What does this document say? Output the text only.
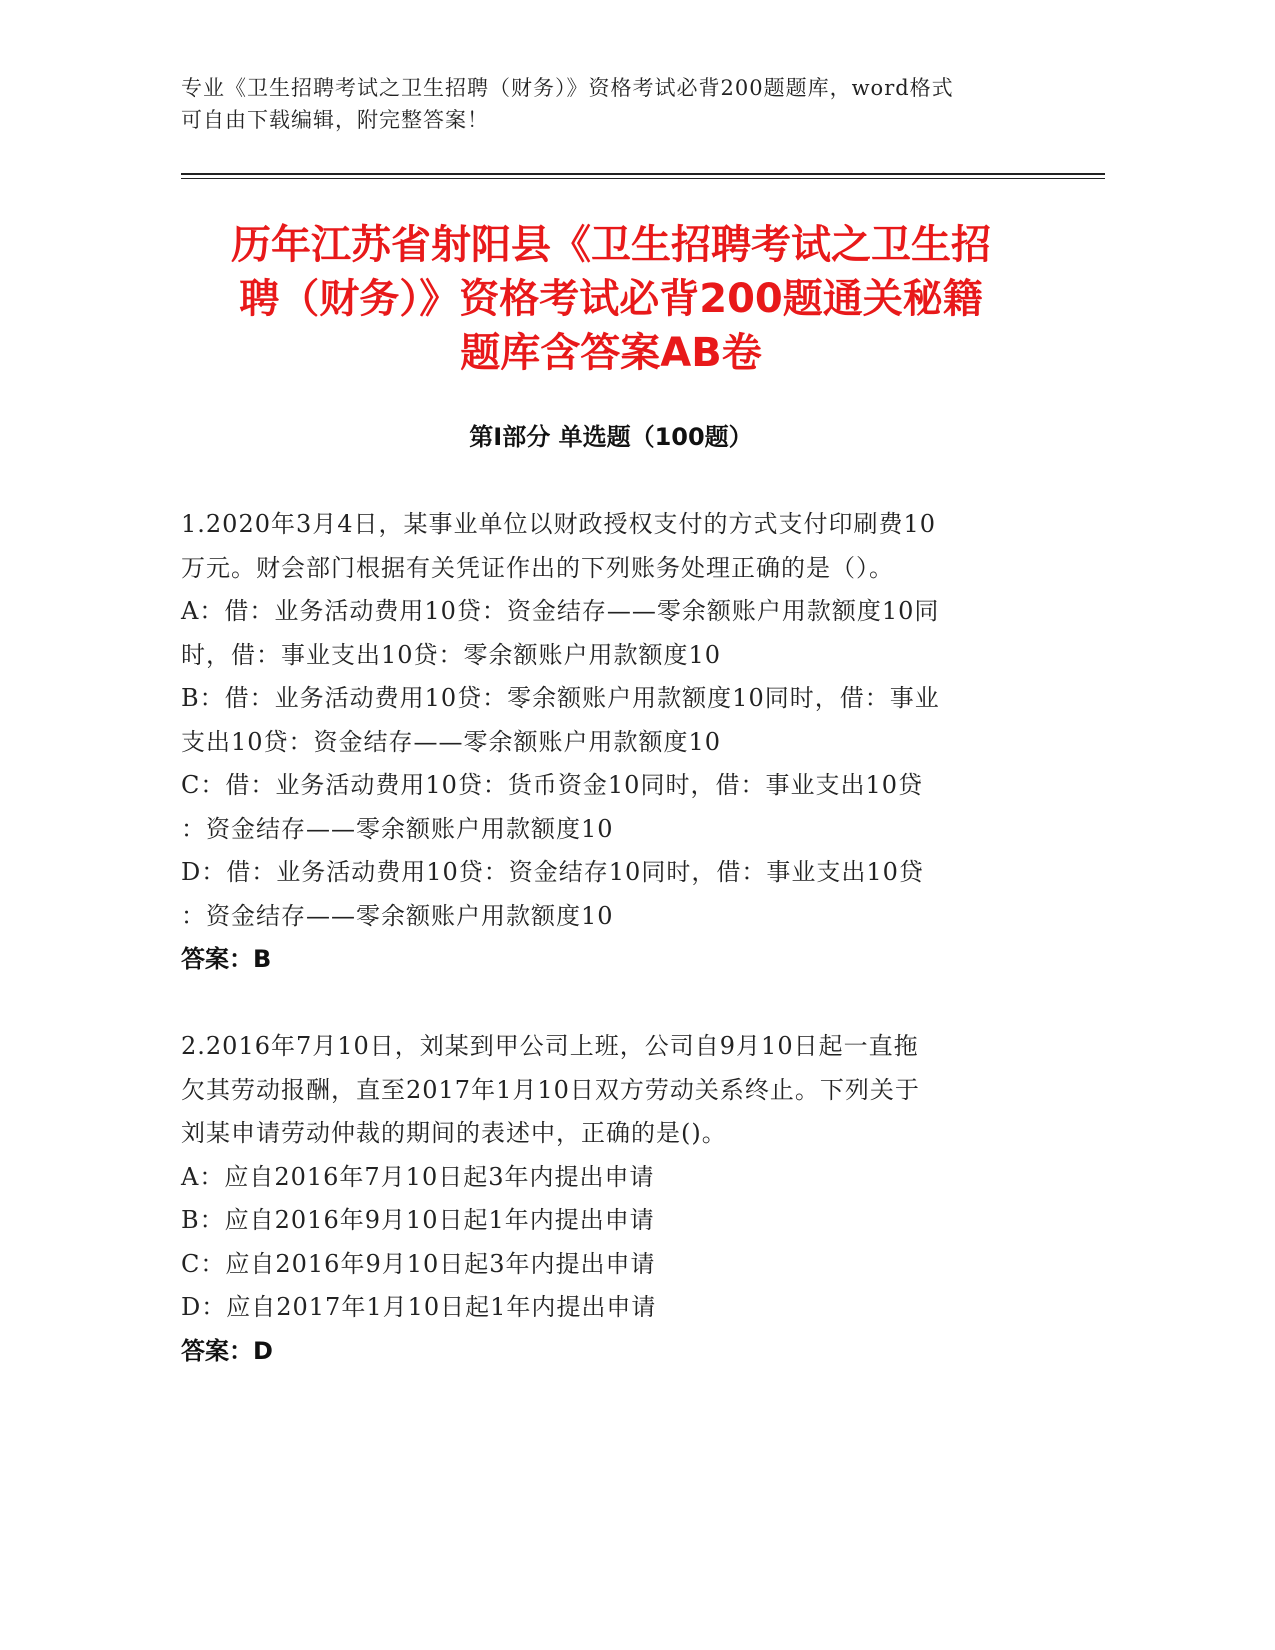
专业《卫生招聘考试之卫生招聘（财务）》资格考试必背200题题库，word格式
可自由下载编辑，附完整答案！
历年江苏省射阳县《卫生招聘考试之卫生招
聘（财务）》资格考试必背200题通关秘籍
题库含答案AB卷
第Ⅰ部分 单选题（100题）
1.2020年3月4日，某事业单位以财政授权支付的方式支付印刷费10
万元。财会部门根据有关凭证作出的下列账务处理正确的是（）。
A：借：业务活动费用10贷：资金结存——零余额账户用款额度10同
时，借：事业支出10贷：零余额账户用款额度10
B：借：业务活动费用10贷：零余额账户用款额度10同时，借：事业
支出10贷：资金结存——零余额账户用款额度10
C：借：业务活动费用10贷：货币资金10同时，借：事业支出10贷
：资金结存——零余额账户用款额度10
D：借：业务活动费用10贷：资金结存10同时，借：事业支出10贷
：资金结存——零余额账户用款额度10
答案：B
2.2016年7月10日，刘某到甲公司上班，公司自9月10日起一直拖
欠其劳动报酬，直至2017年1月10日双方劳动关系终止。下列关于
刘某申请劳动仲裁的期间的表述中，正确的是()。
A：应自2016年7月10日起3年内提出申请
B：应自2016年9月10日起1年内提出申请
C：应自2016年9月10日起3年内提出申请
D：应自2017年1月10日起1年内提出申请
答案：D
